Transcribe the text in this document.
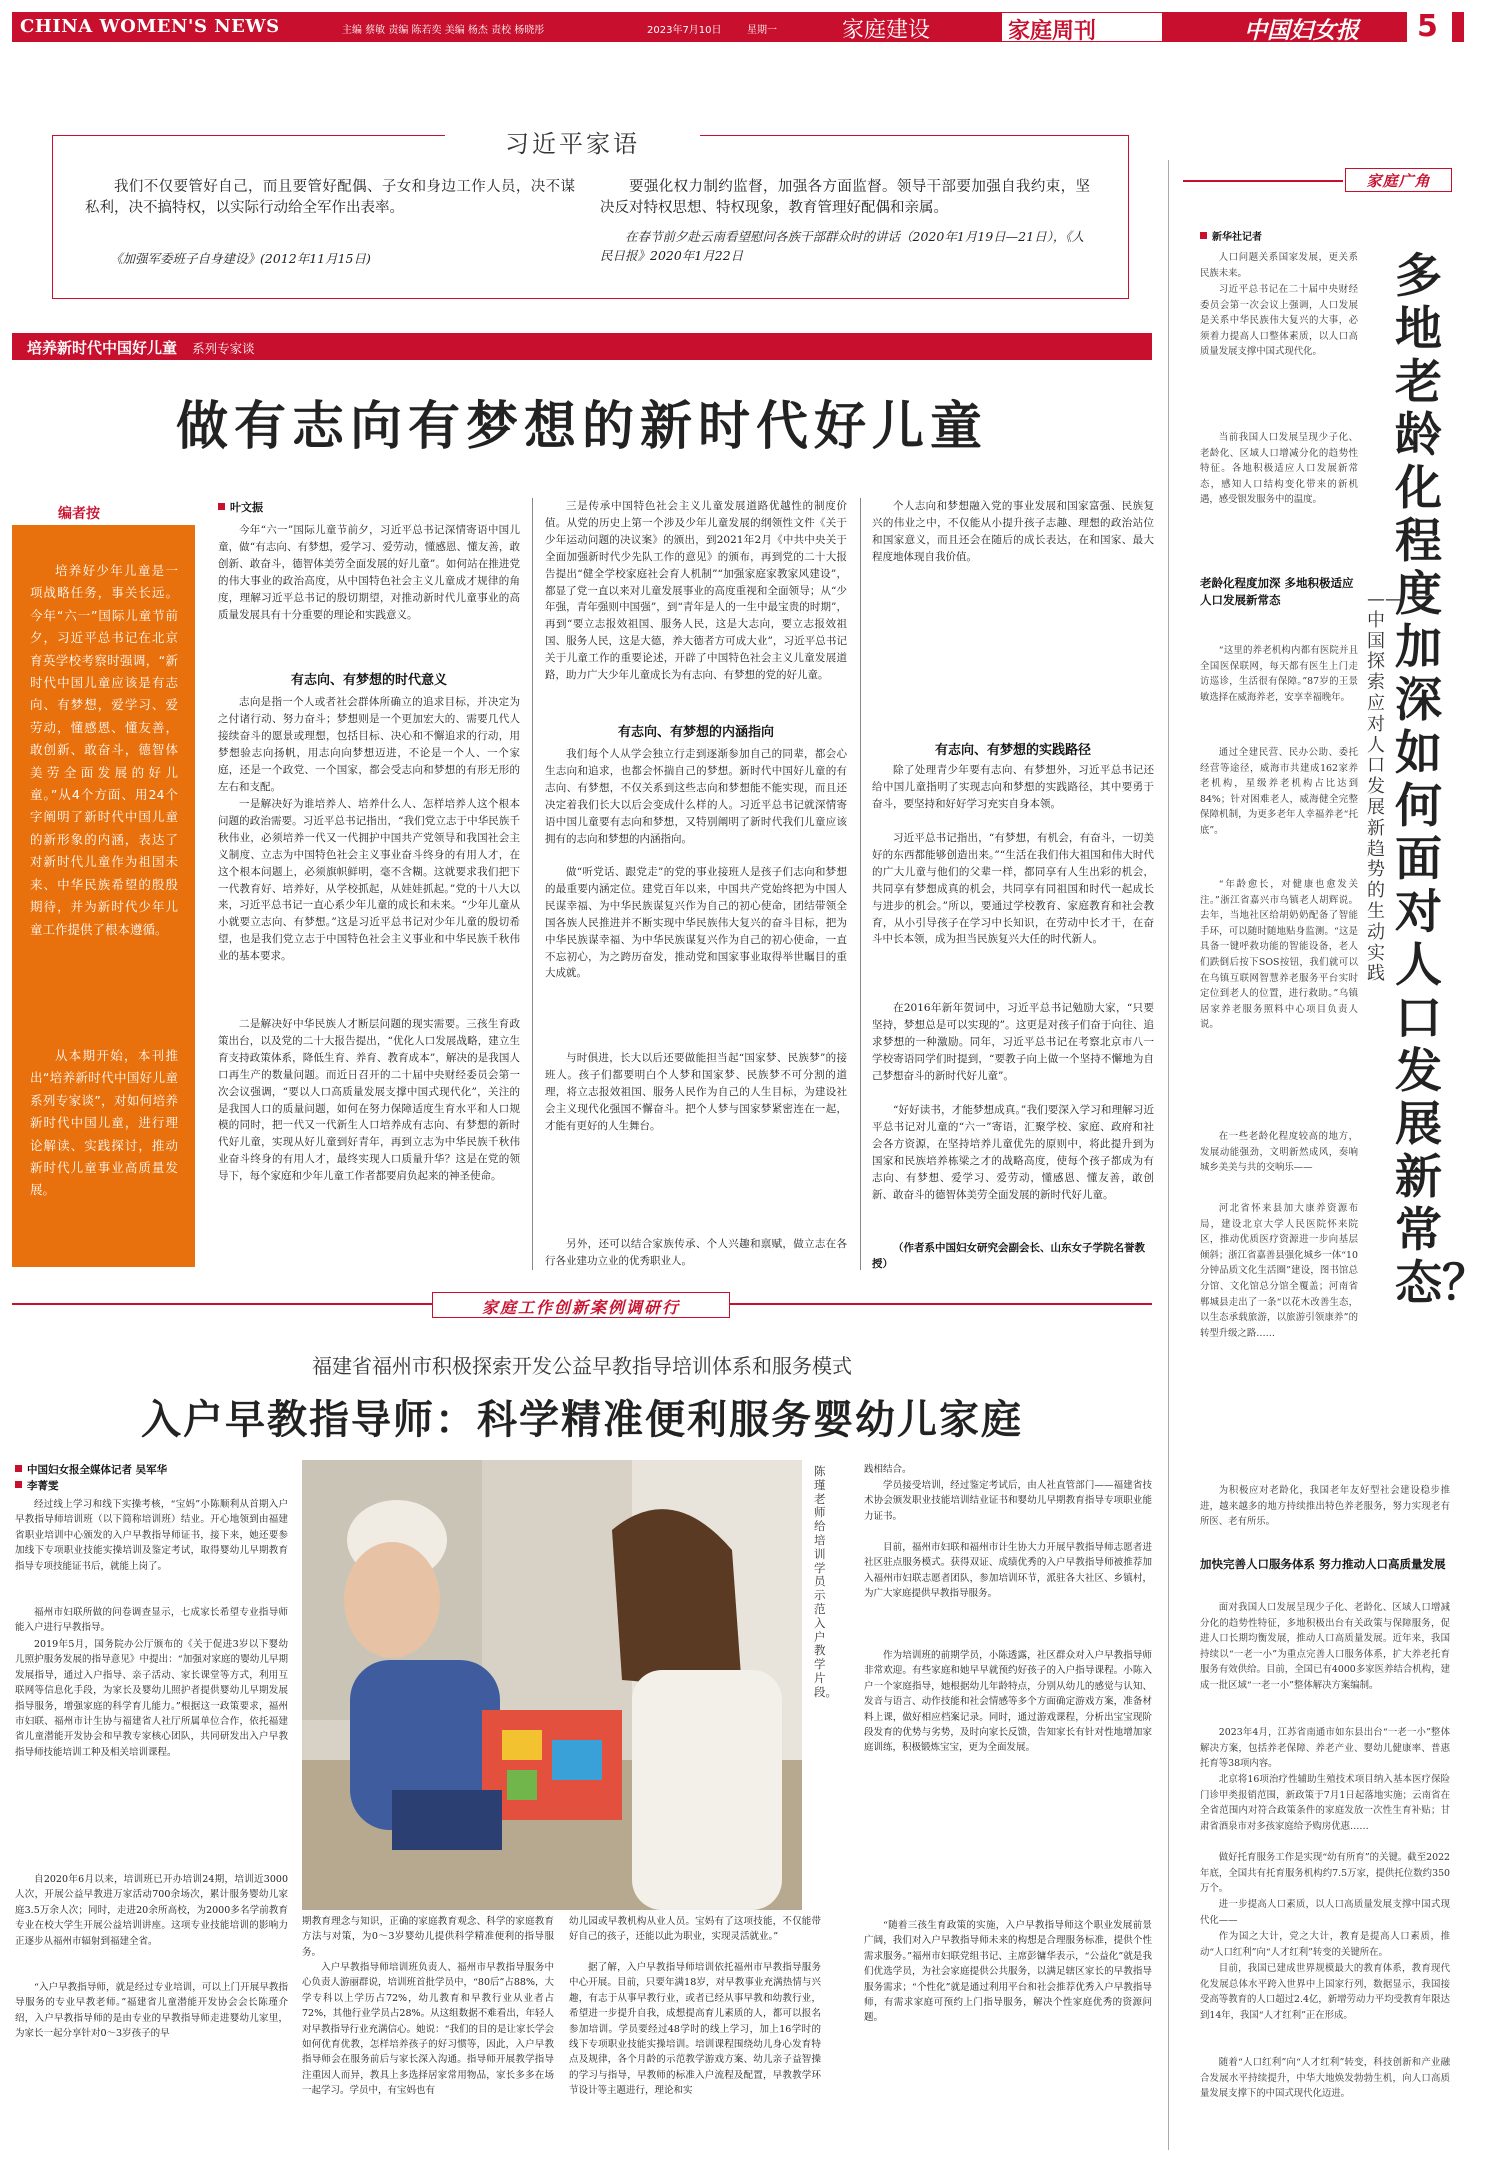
CHINA WOMEN'S NEWS	主编 蔡敏 责编 陈若奕 美编 杨杰 责校 杨晓彤	2023年7月10日	星期一	家庭建设	家庭周刊	中国妇女报 5
习近平家语

我们不仅要管好自己，而且要管好配偶、子女和身边工作人员，决不谋私利，决不搞特权，以实际行动给全军作出表率。

《加强军委班子自身建设》(2012年11月15日)

要强化权力制约监督，加强各方面监督。领导干部要加强自我约束，坚决反对特权思想、特权现象，教育管理好配偶和亲属。

在春节前夕赴云南看望慰问各族干部群众时的讲话（2020年1月19日—21日），《人民日报》2020年1月22日

培养新时代中国好儿童 系列专家谈
做有志向有梦想的新时代好儿童
编者按

培养好少年儿童是一项战略任务，事关长远。今年“六一”国际儿童节前夕，习近平总书记在北京育英学校考察时强调，“新时代中国儿童应该是有志向、有梦想，爱学习、爱劳动，懂感恩、懂友善，敢创新、敢奋斗，德智体美劳全面发展的好儿童。”从4个方面、用24个字阐明了新时代中国儿童的新形象的内涵，表达了对新时代儿童作为祖国未来、中华民族希望的殷殷期待，并为新时代少年儿童工作提供了根本遵循。

从本期开始，本刊推出“培养新时代中国好儿童系列专家谈”，对如何培养新时代中国儿童，进行理论解读、实践探讨，推动新时代儿童事业高质量发展。

叶文振

今年“六一”国际儿童节前夕，习近平总书记深情寄语中国儿童，做“有志向、有梦想，爱学习、爱劳动，懂感恩、懂友善，敢创新、敢奋斗，德智体美劳全面发展的好儿童”。如何站在推进党的伟大事业的政治高度，从中国特色社会主义儿童成才规律的角度，理解习近平总书记的殷切期望，对推动新时代儿童事业的高质量发展具有十分重要的理论和实践意义。

有志向、有梦想的时代意义

志向是指一个人或者社会群体所确立的追求目标，并决定为之付诸行动、努力奋斗；梦想则是一个更加宏大的、需要几代人接续奋斗的愿景或理想，包括目标、决心和不懈追求的行动，用梦想验志向扬帆，用志向向梦想迈进，不论是一个人、一个家庭，还是一个政党、一个国家，都会受志向和梦想的有形无形的左右和支配。

一是解决好为谁培养人、培养什么人、怎样培养人这个根本问题的政治需要。习近平总书记指出，“我们党立志于中华民族千秋伟业，必须培养一代又一代拥护中国共产党领导和我国社会主义制度、立志为中国特色社会主义事业奋斗终身的有用人才，在这个根本问题上，必须旗帜鲜明，毫不含糊。这就要求我们把下一代教育好、培养好，从学校抓起，从娃娃抓起。”党的十八大以来，习近平总书记一直心系少年儿童的成长和未来。“少年儿童从小就要立志向、有梦想。”这是习近平总书记对少年儿童的殷切希望，也是我们党立志于中国特色社会主义事业和中华民族千秋伟业的基本要求。

二是解决好中华民族人才断层问题的现实需要。三孩生育政策出台，以及党的二十大报告提出，“优化人口发展战略，建立生育支持政策体系，降低生育、养育、教育成本”，解决的是我国人口再生产的数量问题。而近日召开的二十届中央财经委员会第一次会议强调，“要以人口高质量发展支撑中国式现代化”，关注的是我国人口的质量问题，如何在努力保障适度生育水平和人口规模的同时，把一代又一代新生人口培养成有志向、有梦想的新时代好儿童，实现从好儿童到好青年，再到立志为中华民族千秋伟业奋斗终身的有用人才，最终实现人口质量升华？这是在党的领导下，每个家庭和少年儿童工作者都要肩负起来的神圣使命。

三是传承中国特色社会主义儿童发展道路优越性的制度价值。从党的历史上第一个涉及少年儿童发展的纲领性文件《关于少年运动问题的决议案》的颁出，到2021年2月《中共中央关于全面加强新时代少先队工作的意见》的颁布，再到党的二十大报告提出“健全学校家庭社会育人机制”“加强家庭家教家风建设”，都显了党一直以来对儿童发展事业的高度重视和全面领导；从“少年强，青年强则中国强”，到“青年是人的一生中最宝贵的时期”，再到“要立志报效祖国、服务人民，这是大志向，要立志报效祖国、服务人民，这是大德，养大德者方可成大业”，习近平总书记关于儿童工作的重要论述，开辟了中国特色社会主义儿童发展道路，助力广大少年儿童成长为有志向、有梦想的党的好儿童。

有志向、有梦想的内涵指向

我们每个人从学会独立行走到逐渐参加自己的同辈，都会心生志向和追求，也都会怀揣自己的梦想。新时代中国好儿童的有志向、有梦想，不仅关系到这些志向和梦想能不能实现，而且还决定着我们长大以后会变成什么样的人。习近平总书记就深情寄语中国儿童要有志向和梦想，又特别阐明了新时代我们儿童应该拥有的志向和梦想的内涵指向。

做“听党话、跟党走”的党的事业接班人是孩子们志向和梦想的最重要内涵定位。建党百年以来，中国共产党始终把为中国人民谋幸福、为中华民族谋复兴作为自己的初心使命，团结带领全国各族人民推进并不断实现中华民族伟大复兴的奋斗目标，把为中华民族谋幸福、为中华民族谋复兴作为自己的初心使命，一直不忘初心，为之跨历奋发，推动党和国家事业取得举世瞩目的重大成就。

与时俱进，长大以后还要做能担当起“国家梦、民族梦”的接班人。孩子们都要明白个人梦和国家梦、民族梦不可分割的道理，将立志报效祖国、服务人民作为自己的人生目标，为建设社会主义现代化强国不懈奋斗。把个人梦与国家梦紧密连在一起，才能有更好的人生舞台。

另外，还可以结合家族传承、个人兴趣和禀赋，做立志在各行各业建功立业的优秀职业人。

个人志向和梦想融入党的事业发展和国家富强、民族复兴的伟业之中，不仅能从小提升孩子志趣、理想的政治站位和国家意义，而且还会在随后的成长表达，在和国家、最大程度地体现自我价值。

有志向、有梦想的实践路径

除了处理青少年要有志向、有梦想外，习近平总书记还给中国儿童指明了实现志向和梦想的实践路径，其中要勇于奋斗，要坚持和好好学习充实自身本领。

习近平总书记指出，“有梦想，有机会，有奋斗，一切美好的东西都能够创造出来。”“生活在我们伟大祖国和伟大时代的广大儿童与他们的父辈一样，都同享有人生出彩的机会，共同享有梦想成真的机会，共同享有同祖国和时代一起成长与进步的机会。”所以，要通过学校教育、家庭教育和社会教育，从小引导孩子在学习中长知识，在劳动中长才干，在奋斗中长本领，成为担当民族复兴大任的时代新人。

在2016年新年贺词中，习近平总书记勉励大家，“只要坚持，梦想总是可以实现的”。这更是对孩子们奋于向往、追求梦想的一种激励。同年，习近平总书记在考察北京市八一学校寄语同学们时提到，“要教子向上做一个坚持不懈地为自己梦想奋斗的新时代好儿童”。

“好好读书，才能梦想成真。”我们要深入学习和理解习近平总书记对儿童的“六一”寄语，汇聚学校、家庭、政府和社会各方资源，在坚持培养儿童优先的原则中，将此提升到为国家和民族培养栋梁之才的战略高度，使每个孩子都成为有志向、有梦想、爱学习、爱劳动，懂感恩、懂友善，敢创新、敢奋斗的德智体美劳全面发展的新时代好儿童。

（作者系中国妇女研究会副会长、山东女子学院名誉教授）

家庭工作创新案例调研行
福建省福州市积极探索开发公益早教指导培训体系和服务模式
入户早教指导师：科学精准便利服务婴幼儿家庭
中国妇女报全媒体记者 吴军华
李菁雯

经过线上学习和线下实操考核，“宝妈”小陈顺利从首期入户早教指导师培训班（以下简称培训班）结业。开心地领到由福建省职业培训中心颁发的入户早教指导师证书，接下来，她还要参加线下专项职业技能实操培训及鉴定考试，取得婴幼儿早期教育指导专项技能证书后，就能上岗了。

福州市妇联所做的问卷调查显示，七成家长希望专业指导师能入户进行早教指导。

2019年5月，国务院办公厅颁布的《关于促进3岁以下婴幼儿照护服务发展的指导意见》中提出：“加强对家庭的婴幼儿早期发展指导，通过入户指导、亲子活动、家长课堂等方式，利用互联网等信息化手段，为家长及婴幼儿照护者提供婴幼儿早期发展指导服务，增强家庭的科学育儿能力。”根据这一政策要求，福州市妇联、福州市计生协与福建省人社厅所属单位合作，依托福建省儿童潜能开发协会和早教专家核心团队，共同研发出入户早教指导师技能培训工种及相关培训课程。

自2020年6月以来，培训班已开办培训24期，培训近3000人次，开展公益早教进万家活动700余场次，累计服务婴幼儿家庭3.5万余人次；同时，走进20余所高校，为2000多名学前教育专业在校大学生开展公益培训讲座。这项专业技能培训的影响力正逐步从福州市辐射到福建全省。

“入户早教指导师，就是经过专业培训，可以上门开展早教指导服务的专业早教老师。”福建省儿童潜能开发协会会长陈瑾介绍，入户早教指导师的是由专业的早教指导师走进婴幼儿家里，为家长一起分享针对0～3岁孩子的早

陈瑾老师给培训学员示范入户教学片段。

期教育理念与知识，正确的家庭教育观念、科学的家庭教育方法与对策，为0～3岁婴幼儿提供科学精准便利的指导服务。

入户早教指导师培训班负责人、福州市早教指导服务中心负责人游丽群说，培训班首批学员中，“80后”占88%，大学专科以上学历占72%，幼儿教育和早教行业从业者占72%，其他行业学员占28%。从这组数据不难看出，年轻人对早教指导行业充满信心。她说：“我们的目的是让家长学会如何优育优教，怎样培养孩子的好习惯等，因此，入户早教指导师会在服务前后与家长深入沟通。指导师开展教学指导注重因人而异，教具上多选择居家常用物品，家长多多在场一起学习。学员中，有宝妈也有

幼儿园或早教机构从业人员。宝妈有了这项技能，不仅能带好自己的孩子，还能以此为职业，实现灵活就业。”

据了解，入户早教指导师培训依托福州市早教指导服务中心开展。目前，只要年满18岁，对早教事业充满热情与兴趣，有志于从事早教行业，或者已经从事早教和幼教行业，希望进一步提升自我，成想提高育儿素质的人，都可以报名参加培训。学员要经过48学时的线上学习，加上16学时的线下专项职业技能实操培训。培训课程围绕幼儿身心发育特点及规律，各个月龄的示范教学游戏方案、幼儿亲子益智操的学习与指导，早教师的标准入户流程及配置，早教教学环节设计等主题进行，理论和实

践相结合。

学员接受培训，经过鉴定考试后，由人社直管部门——福建省技术协会颁发职业技能培训结业证书和婴幼儿早期教育指导专项职业能力证书。

目前，福州市妇联和福州市计生协大力开展早教指导师志愿者进社区驻点服务模式。获得双证、成绩优秀的入户早教指导师被推荐加入福州市妇联志愿者团队，参加培训环节，派驻各大社区、乡镇村，为广大家庭提供早教指导服务。

作为培训班的前期学员，小陈透露，社区群众对入户早教指导师非常欢迎。有些家庭和她早早就预约好孩子的入户指导课程。小陈入户一个家庭指导，她根据幼儿年龄特点，分别从幼儿的感觉与认知、发音与语言、动作技能和社会情感等多个方面确定游戏方案，准备材料上课，做好相应档案记录。同时，通过游戏课程，分析出宝宝现阶段发育的优势与劣势，及时向家长反馈，告知家长有针对性地增加家庭训练，积极锻炼宝宝，更为全面发展。

“随着三孩生育政策的实施，入户早教指导师这个职业发展前景广阔，我们对入户早教指导师未来的构想是合理服务标准，提供个性需求服务。”福州市妇联党组书记、主席彭镛华表示，“公益化”就是我们优选学员，为社会家庭提供公共服务，以满足辖区家长的早教指导服务需求；“个性化”就是通过利用平台和社会推荐优秀入户早教指导师，有需求家庭可预约上门指导服务，解决个性家庭优秀的资源问题。

家庭广角
新华社记者
多地老龄化程度加深 如何面对人口发展新常态？
——中国探索应对人口发展新趋势的生动实践

人口问题关系国家发展，更关系民族未来。

习近平总书记在二十届中央财经委员会第一次会议上强调，人口发展是关系中华民族伟大复兴的大事，必须着力提高人口整体素质，以人口高质量发展支撑中国式现代化。

当前我国人口发展呈现少子化、老龄化、区域人口增减分化的趋势性特征。各地积极适应人口发展新常态，感知人口结构变化带来的新机遇，感受银发服务中的温度。

老龄化程度加深 多地积极适应人口发展新常态

“这里的养老机构内都有医院并且全国医保联网，每天都有医生上门走访巡诊，生活很有保障。”87岁的王景敏选择在威海养老，安享幸福晚年。

通过全建民营、民办公助、委托经营等途径，威海市共建成162家养老机构，星级养老机构占比达到84%；针对困难老人，威海健全完整保障机制，为更多老年人幸福养老“托底”。

“年龄愈长，对健康也愈发关注。”浙江省嘉兴市乌镇老人胡辉说。去年，当地社区给胡奶奶配备了智能手环，可以随时随地贴身监测。“这是具备一键呼救功能的智能设备，老人们跌倒后按下SOS按钮，我们就可以在乌镇互联网智慧养老服务平台实时定位到老人的位置，进行救助。”乌镇居家养老服务照料中心项目负责人说。

在一些老龄化程度较高的地方，发展动能强劲，文明新然成风，奏响城乡美美与共的交响乐——

河北省怀来县加大康养资源布局，建设北京大学人民医院怀来院区，推动优质医疗资源进一步向基层倾斜；浙江省嘉善县强化城乡一体“10分钟品质文化生活圈”建设，图书馆总分馆、文化馆总分馆全覆盖；河南省郸城县走出了一条“以花木改善生态，以生态承载旅游，以旅游引领康养”的转型升级之路……

为积极应对老龄化，我国老年友好型社会建设稳步推进，越来越多的地方持续推出特色养老服务，努力实现老有所医、老有所乐。

加快完善人口服务体系 努力推动人口高质量发展

面对我国人口发展呈现少子化、老龄化、区域人口增减分化的趋势性特征，多地积极出台有关政策与保障服务，促进人口长期均衡发展，推动人口高质量发展。近年来，我国持续以“一老一小”为重点完善人口服务体系，扩大养老托育服务有效供给。目前，全国已有4000多家医养结合机构，建成一批区域“一老一小”整体解决方案编制。

2023年4月，江苏省南通市如东县出台“一老一小”整体解决方案，包括养老保障、养老产业、婴幼儿健康率、普惠托育等38项内容。

北京将16项治疗性辅助生殖技术项目纳入基本医疗保险门诊甲类报销范围，新政策于7月1日起落地实施；云南省在全省范围内对符合政策条件的家庭发放一次性生育补贴；甘肃省酒泉市对多孩家庭给予购房优惠……

做好托育服务工作是实现“幼有所育”的关键。截至2022年底，全国共有托育服务机构约7.5万家，提供托位数约350万个。

进一步提高人口素质，以人口高质量发展支撑中国式现代化——

作为国之大计，党之大计，教育是提高人口素质，推动“人口红利”向“人才红利”转变的关键所在。

目前，我国已建成世界规模最大的教育体系，教育现代化发展总体水平跨入世界中上国家行列，数据显示，我国接受高等教育的人口超过2.4亿，新增劳动力平均受教育年限达到14年，我国“人才红利”正在形成。

随着“人口红利”向“人才红利”转变，科技创新和产业融合发展水平持续提升，中华大地焕发勃勃生机，向人口高质量发展支撑下的中国式现代化迈进。
